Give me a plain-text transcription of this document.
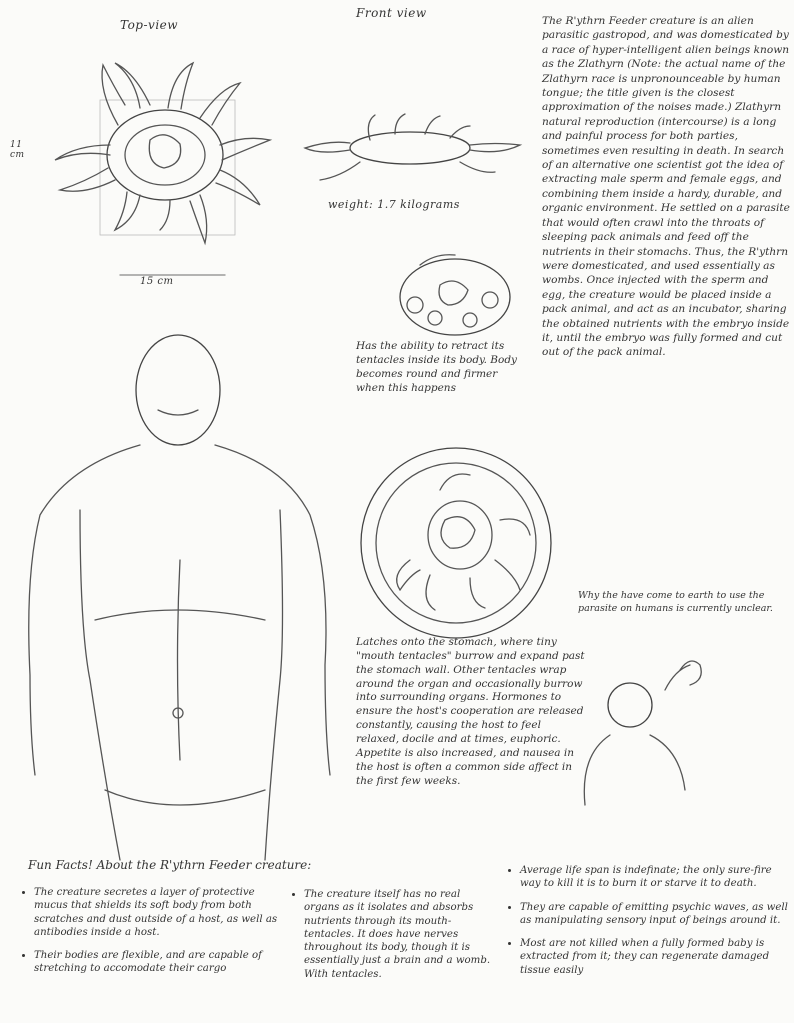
Top-view
Front view
15 cm
11 cm
weight: 1.7 kilograms
Has the ability to retract its tentacles inside its body. Body becomes round and firmer when this happens
Latches onto the stomach, where tiny "mouth tentacles" burrow and expand past the stomach wall. Other tentacles wrap around the organ and occasionally burrow into surrounding organs. Hormones to ensure the host's cooperation are released constantly, causing the host to feel relaxed, docile and at times, euphoric. Appetite is also increased, and nausea in the host is often a common side affect in the first few weeks.
The R'ythrn Feeder creature is an alien parasitic gastropod, and was domesticated by a race of hyper-intelligent alien beings known as the Zlathyrn (Note: the actual name of the Zlathyrn race is unpronounceable by human tongue; the title given is the closest approximation of the noises made.) Zlathyrn natural reproduction (intercourse) is a long and painful process for both parties, sometimes even resulting in death. In search of an alternative one scientist got the idea of extracting male sperm and female eggs, and combining them inside a hardy, durable, and organic environment. He settled on a parasite that would often crawl into the throats of sleeping pack animals and feed off the nutrients in their stomachs. Thus, the R'ythrn were domesticated, and used essentially as wombs. Once injected with the sperm and egg, the creature would be placed inside a pack animal, and act as an incubator, sharing the obtained nutrients with the embryo inside it, until the embryo was fully formed and cut out of the pack animal.
Why the have come to earth to use the parasite on humans is currently unclear.
Fun Facts! About the R'ythrn Feeder creature:
• The creature secretes a layer of protective mucus that shields its soft body from both scratches and dust outside of a host, as well as antibodies inside a host.
• Their bodies are flexible, and are capable of stretching to accomodate their cargo
• The creature itself has no real organs as it isolates and absorbs nutrients through its mouth-tentacles. It does have nerves throughout its body, though it is essentially just a brain and a womb. With tentacles.
• Average life span is indefinate; the only sure-fire way to kill it is to burn it or starve it to death.
• They are capable of emitting psychic waves, as well as manipulating sensory input of beings around it.
• Most are not killed when a fully formed baby is extracted from it; they can regenerate damaged tissue easily
